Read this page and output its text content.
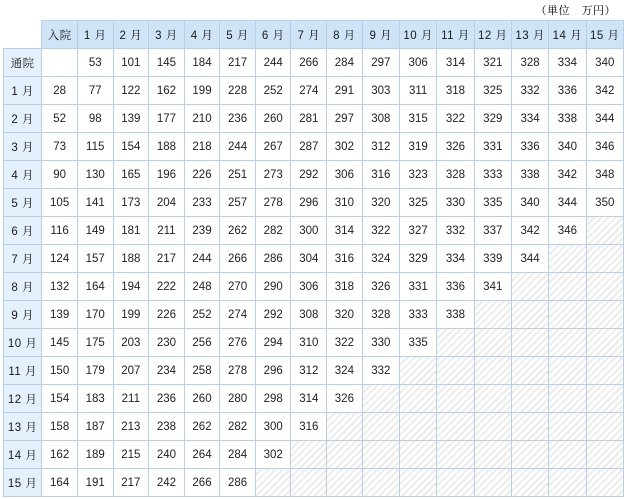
（単位　万円）
	入院	1 月	2 月	3 月	4 月	5 月	6 月	7 月	8 月	9 月	10 月	11 月	12 月	13 月	14 月	15 月
通院		53	101	145	184	217	244	266	284	297	306	314	321	328	334	340
1 月	28	77	122	162	199	228	252	274	291	303	311	318	325	332	336	342
2 月	52	98	139	177	210	236	260	281	297	308	315	322	329	334	338	344
3 月	73	115	154	188	218	244	267	287	302	312	319	326	331	336	340	346
4 月	90	130	165	196	226	251	273	292	306	316	323	328	333	338	342	348
5 月	105	141	173	204	233	257	278	296	310	320	325	330	335	340	344	350
6 月	116	149	181	211	239	262	282	300	314	322	327	332	337	342	346	
7 月	124	157	188	217	244	266	286	304	316	324	329	334	339	344		
8 月	132	164	194	222	248	270	290	306	318	326	331	336	341			
9 月	139	170	199	226	252	274	292	308	320	328	333	338				
10 月	145	175	203	230	256	276	294	310	322	330	335					
11 月	150	179	207	234	258	278	296	312	324	332						
12 月	154	183	211	236	260	280	298	314	326							
13 月	158	187	213	238	262	282	300	316								
14 月	162	189	215	240	264	284	302									
15 月	164	191	217	242	266	286										
